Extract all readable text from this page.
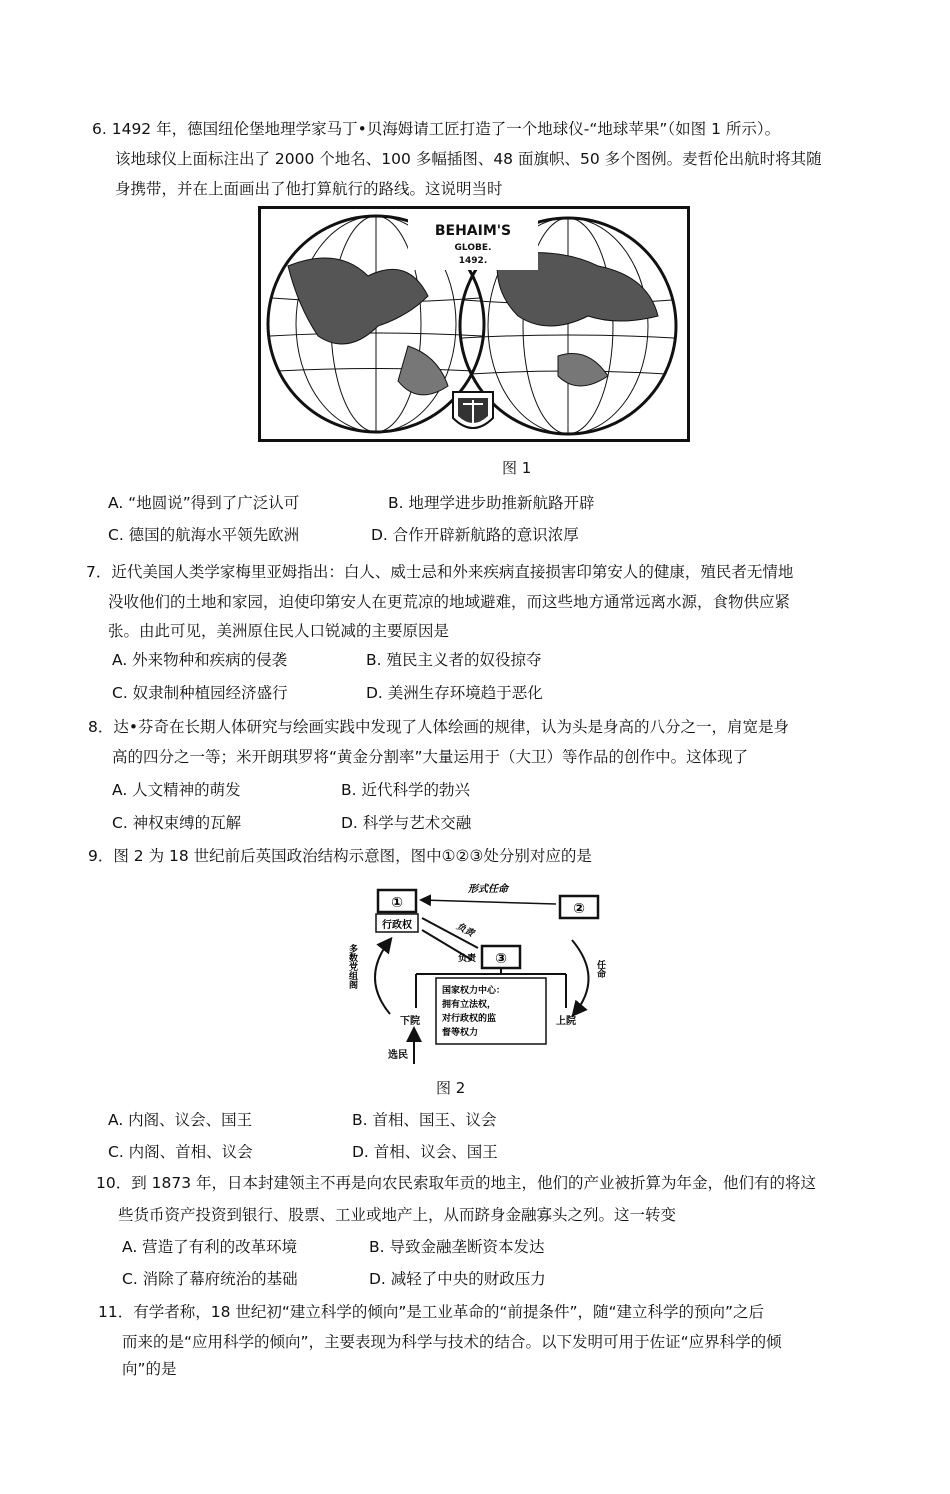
6. 1492 年，德国纽伦堡地理学家马丁•贝海姆请工匠打造了一个地球仪-“地球苹果”（如图 1 所示）。
该地球仪上面标注出了 2000 个地名、100 多幅插图、48 面旗帜、50 多个图例。麦哲伦出航时将其随
身携带，并在上面画出了他打算航行的路线。这说明当时
BEHAIM'S
GLOBE.
1492.
图 1
A. “地圆说”得到了广泛认可	B. 地理学进步助推新航路开辟
C. 德国的航海水平领先欧洲	D. 合作开辟新航路的意识浓厚
7．近代美国人类学家梅里亚姆指出：白人、威士忌和外来疾病直接损害印第安人的健康，殖民者无情地
没收他们的土地和家园，迫使印第安人在更荒凉的地域避难，而这些地方通常远离水源，食物供应紧
张。由此可见，美洲原住民人口锐减的主要原因是
A. 外来物种和疾病的侵袭	B. 殖民主义者的奴役掠夺
C. 奴隶制种植园经济盛行	D. 美洲生存环境趋于恶化
8．达•芬奇在长期人体研究与绘画实践中发现了人体绘画的规律，认为头是身高的八分之一，肩宽是身
高的四分之一等；米开朗琪罗将“黄金分割率”大量运用于（大卫）等作品的创作中。这体现了
A. 人文精神的萌发	B. 近代科学的勃兴
C. 神权束缚的瓦解	D. 科学与艺术交融
9．图 2 为 18 世纪前后英国政治结构示意图，图中①②③处分别对应的是
①
行政权
②
形式任命
③
负责
负责
国家权力中心：
拥有立法权，
对行政权的监
督等权力
下院	上院
多数党组阁	任命
选民
图 2
A. 内阁、议会、国王	B. 首相、国王、议会
C. 内阁、首相、议会	D. 首相、议会、国王
10．到 1873 年，日本封建领主不再是向农民索取年贡的地主，他们的产业被折算为年金，他们有的将这
些货币资产投资到银行、股票、工业或地产上，从而跻身金融寡头之列。这一转变
A. 营造了有利的改革环境	B. 导致金融垄断资本发达
C. 消除了幕府统治的基础	D. 减轻了中央的财政压力
11．有学者称，18 世纪初“建立科学的倾向”是工业革命的“前提条件”，随“建立科学的预向”之后
而来的是“应用科学的倾向”，主要表现为科学与技术的结合。以下发明可用于佐证“应界科学的倾
向”的是
